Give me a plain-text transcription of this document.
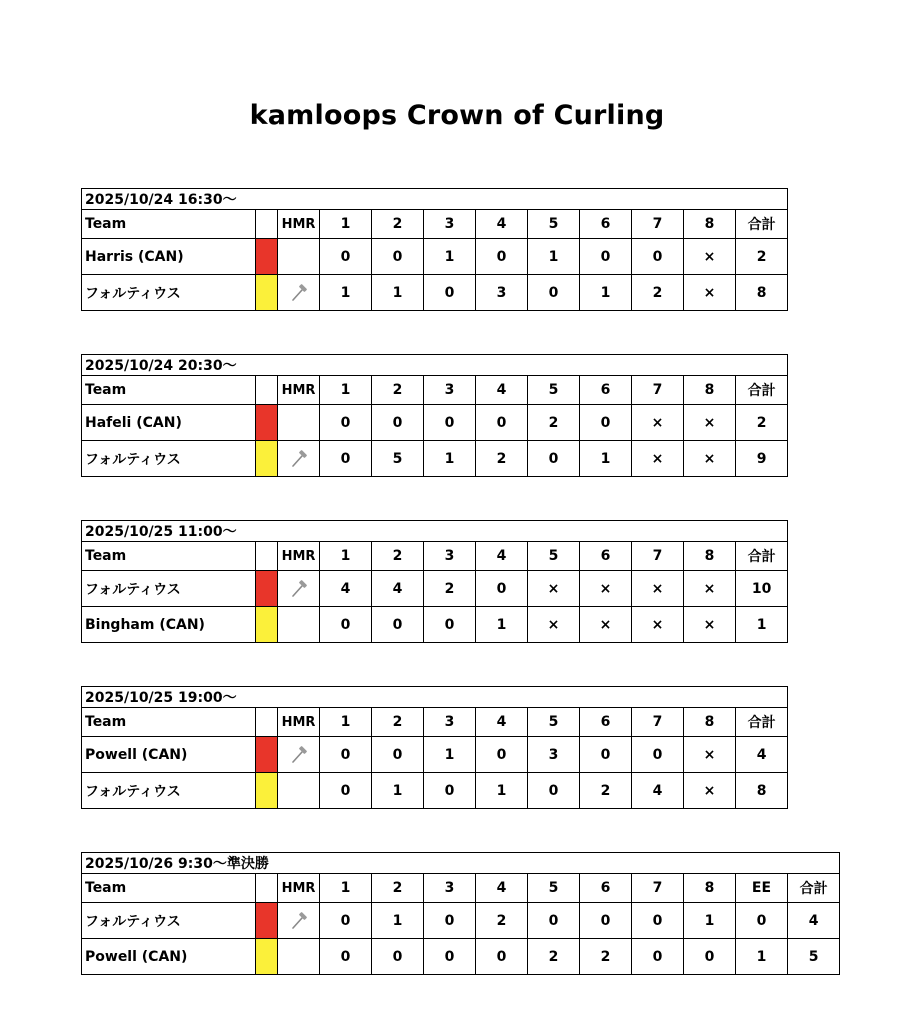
kamloops Crown of Curling
2025/10/24 16:30～											
Team		HMR	1	2	3	4	5	6	7	8	合計
Harris (CAN)			0	0	1	0	1	0	0	×	2
フォルティウス			1	1	0	3	0	1	2	×	8
2025/10/24 20:30～											
Team		HMR	1	2	3	4	5	6	7	8	合計
Hafeli (CAN)			0	0	0	0	2	0	×	×	2
フォルティウス			0	5	1	2	0	1	×	×	9
2025/10/25 11:00～											
Team		HMR	1	2	3	4	5	6	7	8	合計
フォルティウス			4	4	2	0	×	×	×	×	10
Bingham (CAN)			0	0	0	1	×	×	×	×	1
2025/10/25 19:00～											
Team		HMR	1	2	3	4	5	6	7	8	合計
Powell (CAN)			0	0	1	0	3	0	0	×	4
フォルティウス			0	1	0	1	0	2	4	×	8
2025/10/26 9:30～準決勝												
Team		HMR	1	2	3	4	5	6	7	8	EE	合計
フォルティウス			0	1	0	2	0	0	0	1	0	4
Powell (CAN)			0	0	0	0	2	2	0	0	1	5
